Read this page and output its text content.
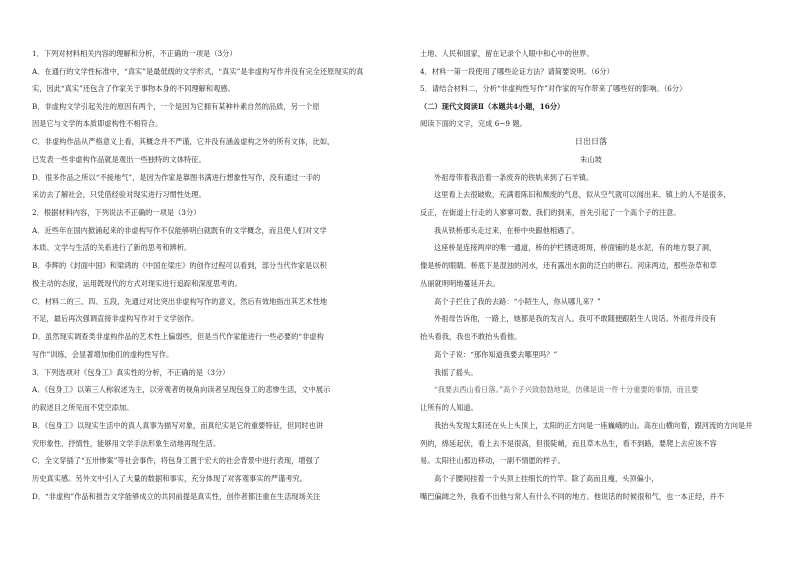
1．下列对材料相关内容的理解和分析，不正确的一项是（3分）
A．在通行的文学性标准中，“真实”是最低级的文学形式，“真实”是非虚构写作并没有完全还原现实的真
实，因此“真实”还包含了作家关于事物本身的不同理解和观感。
B．非虚构文学引起关注的原因有两个，一个是因为它拥有某种朴素自然的品质，另一个原
因是它与文学的本质即虚构性不相符合。
C．非虚构作品从严格意义上看，其概念并不严谨，它并没有涵盖虚构之外的所有文体，比如，
已发表一些非虚构作品就是观出一些独特的文体特征。
D．很多作品之所以“不接地气”，是因为作家是靠图书满进行想象性写作，没有通过一手的
采访去了解社会，只凭借经验对现实进行习惯性处理。
2．根据材料内容，下列说法不正确的一项是（3分）
A．近些年在国内掀涌起来的非虚构写作不仅能够明白就既有的文学概念，而且使人们对文学
本质、文学与生活的关系进行了新的思考和辨析。
B．李辉的《封面中国》和梁鸿的《中国在梁庄》的创作过程可以看到，部分当代作家是以积
极主动的态度，运用既现代的方式对现实进行追踪和深度思考的。
C．材料二的三、四、五段，先通过对比突出非虚构写作的意义，然后有效地指出其艺术性地
不足，最后再次强调直接非虚构写作对于文学创作。
D．虽然现实调查类非虚构作品的艺术性上偏弱些，但是当代作家能进行一些必要的“非虚构
写作”训练，会显著增加他们的虚构性写作。
3．下列选项对《包身工》真实性的分析，不正确的是（3分）
A．《包身工》以第三人称叙述为主，以旁观者的视角向读者呈现包身工的悲惨生活，文中展示
的叙述目之所见而不凭空添加。
B．《包身工》以现实生活中的真人真事为描写对象，而真纪实是它的重要特征，但同时也讲
究形象性、抒情性，能够用文学手法形象生动地再现生活。
C．全文穿插了“五卅惨案”等社会事件，将包身工置于宏大的社会背景中进行表现，增强了
历史真实感。另外文中引入了大量的数据和事实，充分体现了对客观事实的严谨考究。
D．“非虚构”作品和报告文学能够成立的共同前提是真实性，创作者都注重在生活现场关注
土地、人民和国家，留在记录个人眼中和心中的世界。
4．材料一第一段使用了哪些论证方法？请简要说明。（6分）
5．请结合材料二，分析“非虚构性写作”对作家的写作带来了哪些好的影响。（6分）
（二）现代文阅读Ⅱ（本题共4小题，16分）
阅读下面的文字，完成 6~9 题。
日出日落
朱山坡
外祖母带着我沿着一条废弃的铁轨来到了石羊镇。
这里看上去很破败，充满着陈旧和颓废的气息，似从空气就可以闻出来。镇上的人不是很多，
反正，在街道上行走的人寥寥可数。我们的到来，首先引起了一个高个子的注意。
我从铁桥那头走过来，在桥中央跟他相遇了。
这座桥是连接两岸的唯一通道，桥的护栏锈迹斑斑，桥面铺的是水泥，有的地方裂了洞，
像是桥的眼睛。桥底下是混浊的河水，还有露出水面的泛白的卵石。河床两边，那些杂草和草
丛丽就明明地蔓延开去。
高个子拦住了我的去路：“小陌生人，你从哪儿来？”
外祖母告诉他，一路上，她都是我的发言人。我可不敢随便跟陌生人说话。外祖母并没有
抬头看我，我也不敢抬头看他。
高个子说：“那你知道我要去哪里吗？”
我摇了摇头。
“我要去西山看日落。”高个子兴致勃勃地说，仿佛是说一件十分重要的事情，而且要
让所有的人知道。
我抬头发现太阳还在头上头顶上，太阳的正方向是一座巍峨的山。高在山横向着，跟河流的方向是并
列的，绵延起伏，看上去不是很高，但很陡峭，而且草木丛生，看不到路，要爬上去应该不容
易。太阳往山那边移动，一副不情愿的样子。
高个子腰间挂着一个头顶上挂细长的竹竿。除了高而且瘦，头顶偏小，
嘴巴偏阔之外，我看不出他与常人有什么不同的地方。他说话的时候很和气，也一本正经，并不
